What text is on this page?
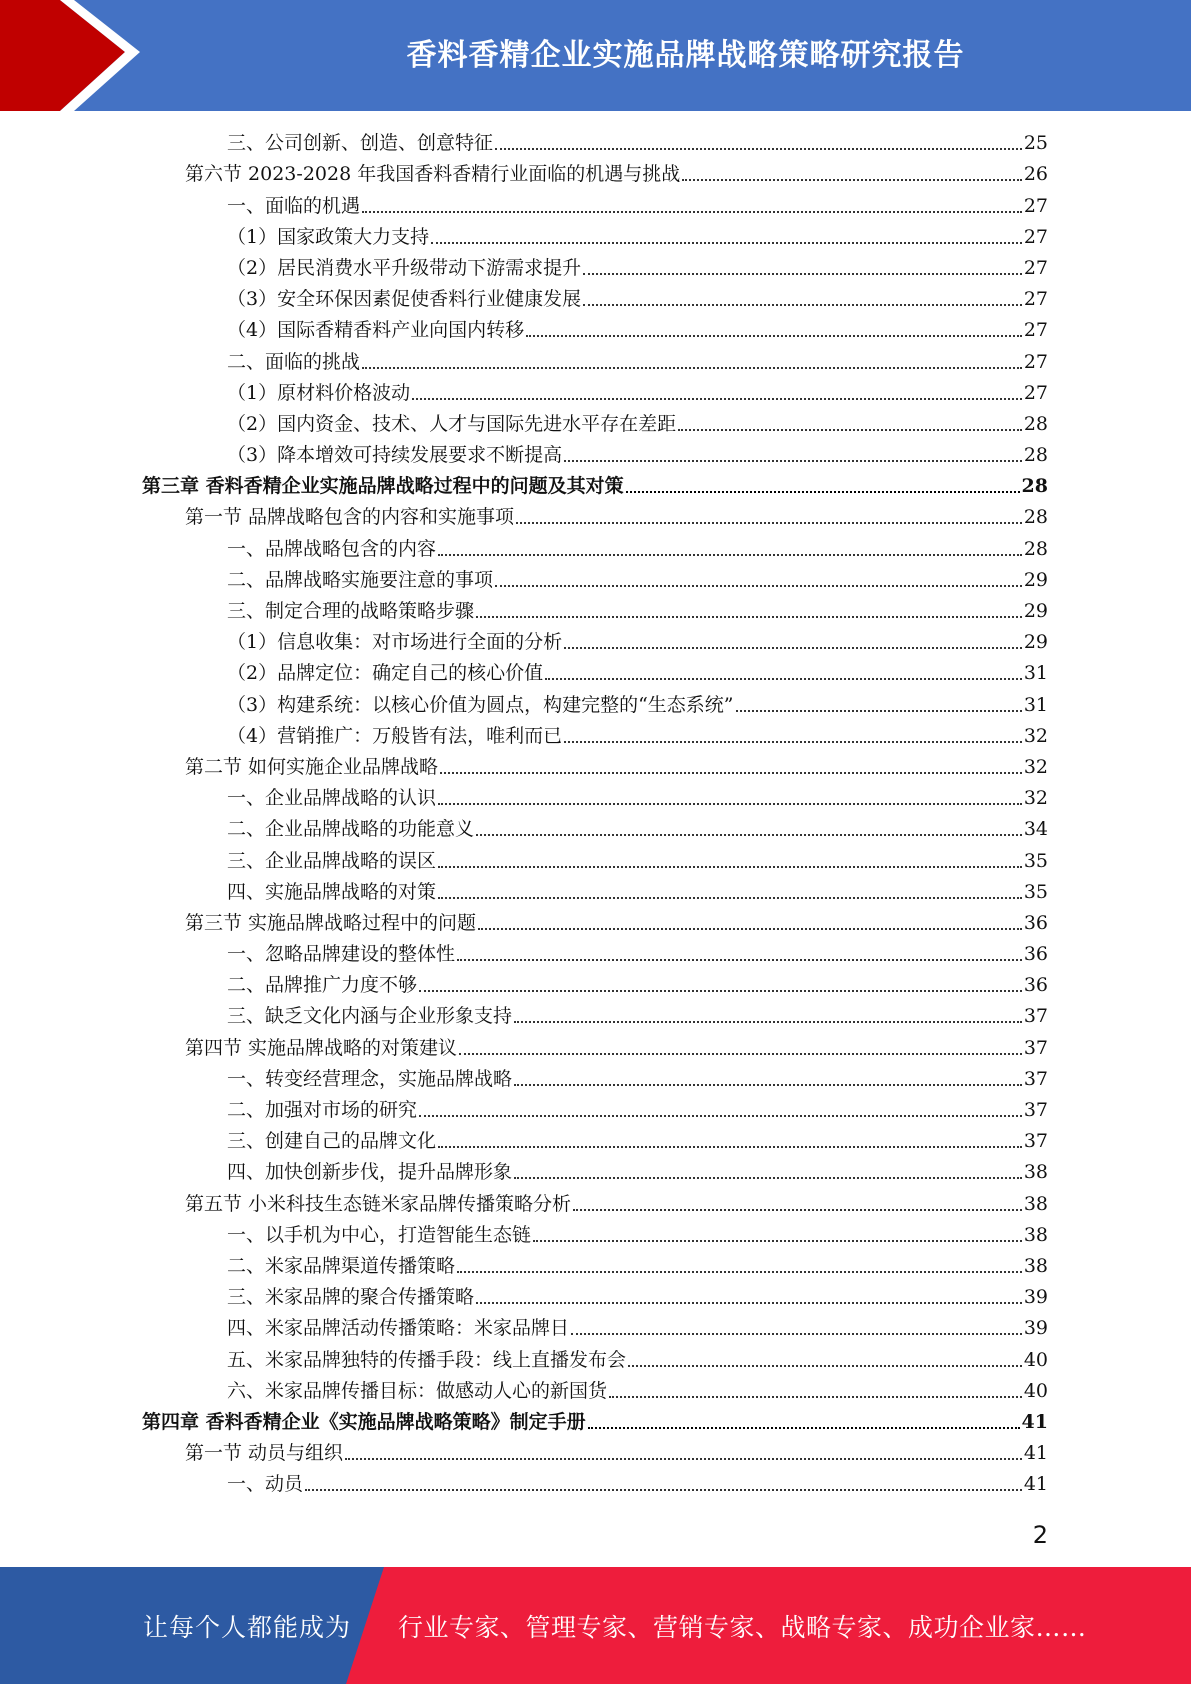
香料香精企业实施品牌战略策略研究报告
三、公司创新、创造、创意特征	25
第六节 2023-2028 年我国香料香精行业面临的机遇与挑战	26
一、面临的机遇	27
（1）国家政策大力支持	27
（2）居民消费水平升级带动下游需求提升	27
（3）安全环保因素促使香料行业健康发展	27
（4）国际香精香料产业向国内转移	27
二、面临的挑战	27
（1）原材料价格波动	27
（2）国内资金、技术、人才与国际先进水平存在差距	28
（3）降本增效可持续发展要求不断提高	28
第三章 香料香精企业实施品牌战略过程中的问题及其对策	28
第一节 品牌战略包含的内容和实施事项	28
一、品牌战略包含的内容	28
二、品牌战略实施要注意的事项	29
三、制定合理的战略策略步骤	29
（1）信息收集：对市场进行全面的分析	29
（2）品牌定位：确定自己的核心价值	31
（3）构建系统：以核心价值为圆点，构建完整的“生态系统”	31
（4）营销推广：万般皆有法，唯利而已	32
第二节 如何实施企业品牌战略	32
一、企业品牌战略的认识	32
二、企业品牌战略的功能意义	34
三、企业品牌战略的误区	35
四、实施品牌战略的对策	35
第三节 实施品牌战略过程中的问题	36
一、忽略品牌建设的整体性	36
二、品牌推广力度不够	36
三、缺乏文化内涵与企业形象支持	37
第四节 实施品牌战略的对策建议	37
一、转变经营理念，实施品牌战略	37
二、加强对市场的研究	37
三、创建自己的品牌文化	37
四、加快创新步伐，提升品牌形象	38
第五节 小米科技生态链米家品牌传播策略分析	38
一、以手机为中心，打造智能生态链	38
二、米家品牌渠道传播策略	38
三、米家品牌的聚合传播策略	39
四、米家品牌活动传播策略：米家品牌日	39
五、米家品牌独特的传播手段：线上直播发布会	40
六、米家品牌传播目标：做感动人心的新国货	40
第四章 香料香精企业《实施品牌战略策略》制定手册	41
第一节 动员与组织	41
一、动员	41
2
让每个人都能成为 行业专家、管理专家、营销专家、战略专家、成功企业家……
